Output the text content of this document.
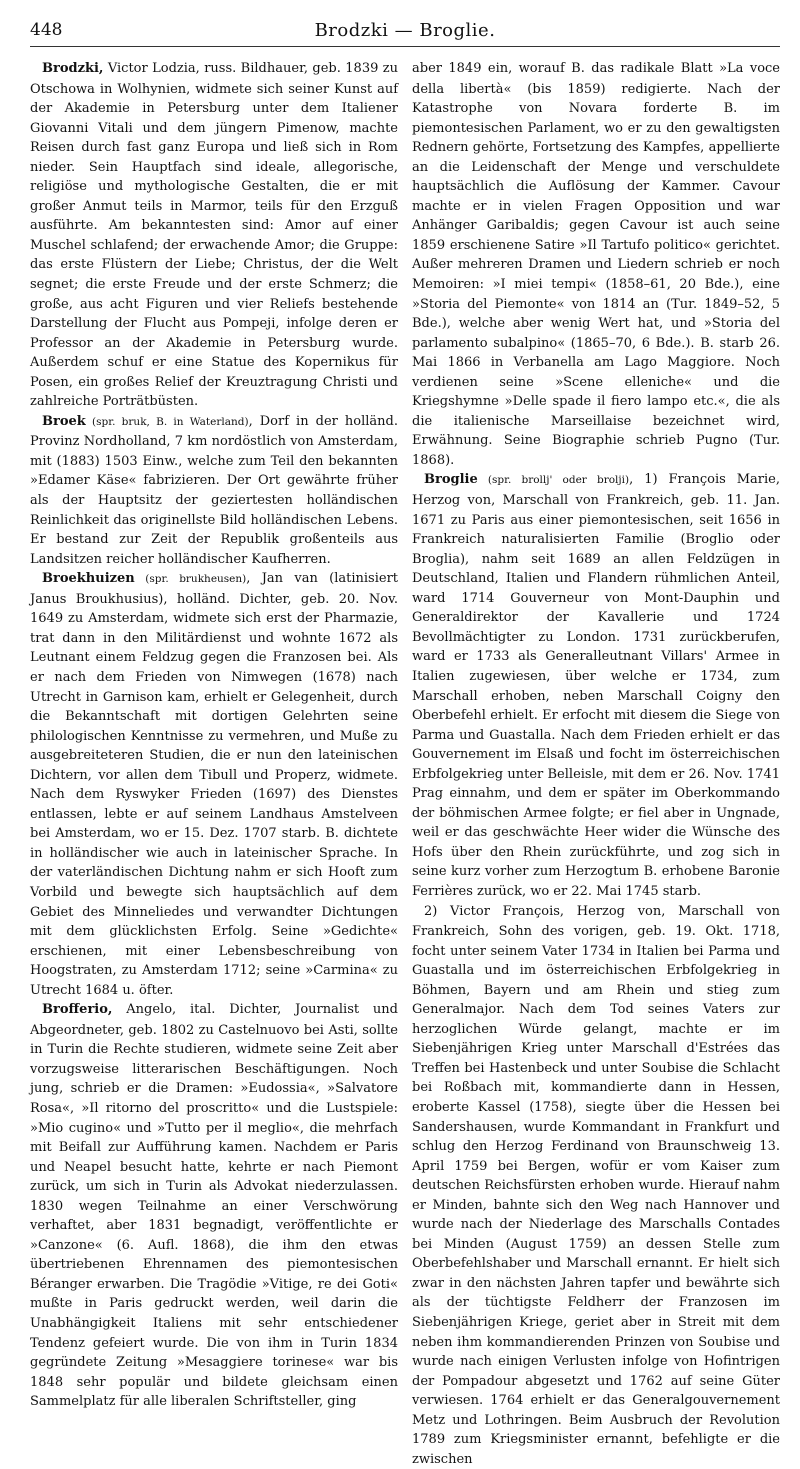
448	Brodzki — Broglie.

Brodzki, Victor Lodzia, russ. Bildhauer, geb. 1839 zu Otschowa in Wolhynien, widmete sich seiner Kunst auf der Akademie in Petersburg unter dem Italiener Giovanni Vitali und dem jüngern Pimenow, machte Reisen durch fast ganz Europa und ließ sich in Rom nieder. Sein Hauptfach sind ideale, allegorische, religiöse und mythologische Gestalten, die er mit großer Anmut teils in Marmor, teils für den Erzguß ausführte. Am bekanntesten sind: Amor auf einer Muschel schlafend; der erwachende Amor; die Gruppe: das erste Flüstern der Liebe; Christus, der die Welt segnet; die erste Freude und der erste Schmerz; die große, aus acht Figuren und vier Reliefs bestehende Darstellung der Flucht aus Pompeji, infolge deren er Professor an der Akademie in Petersburg wurde. Außerdem schuf er eine Statue des Kopernikus für Posen, ein großes Relief der Kreuztragung Christi und zahlreiche Porträtbüsten.

Broek (spr. bruk, B. in Waterland), Dorf in der holländ. Provinz Nordholland, 7 km nordöstlich von Amsterdam, mit (1883) 1503 Einw., welche zum Teil den bekannten »Edamer Käse« fabrizieren. Der Ort gewährte früher als der Hauptsitz der geziertesten holländischen Reinlichkeit das originellste Bild holländischen Lebens. Er bestand zur Zeit der Republik großenteils aus Landsitzen reicher holländischer Kaufherren.

Broekhuizen (spr. brukheusen), Jan van (latinisiert Janus Broukhusius), holländ. Dichter, geb. 20. Nov. 1649 zu Amsterdam, widmete sich erst der Pharmazie, trat dann in den Militärdienst und wohnte 1672 als Leutnant einem Feldzug gegen die Franzosen bei. Als er nach dem Frieden von Nimwegen (1678) nach Utrecht in Garnison kam, erhielt er Gelegenheit, durch die Bekanntschaft mit dortigen Gelehrten seine philologischen Kenntnisse zu vermehren, und Muße zu ausgebreiteteren Studien, die er nun den lateinischen Dichtern, vor allen dem Tibull und Properz, widmete. Nach dem Ryswyker Frieden (1697) des Dienstes entlassen, lebte er auf seinem Landhaus Amstelveen bei Amsterdam, wo er 15. Dez. 1707 starb. B. dichtete in holländischer wie auch in lateinischer Sprache. In der vaterländischen Dichtung nahm er sich Hooft zum Vorbild und bewegte sich hauptsächlich auf dem Gebiet des Minneliedes und verwandter Dichtungen mit dem glücklichsten Erfolg. Seine »Gedichte« erschienen, mit einer Lebensbeschreibung von Hoogstraten, zu Amsterdam 1712; seine »Carmina« zu Utrecht 1684 u. öfter.

Brofferio, Angelo, ital. Dichter, Journalist und Abgeordneter, geb. 1802 zu Castelnuovo bei Asti, sollte in Turin die Rechte studieren, widmete seine Zeit aber vorzugsweise litterarischen Beschäftigungen. Noch jung, schrieb er die Dramen: »Eudossia«, »Salvatore Rosa«, »Il ritorno del proscritto« und die Lustspiele: »Mio cugino« und »Tutto per il meglio«, die mehrfach mit Beifall zur Aufführung kamen. Nachdem er Paris und Neapel besucht hatte, kehrte er nach Piemont zurück, um sich in Turin als Advokat niederzulassen. 1830 wegen Teilnahme an einer Verschwörung verhaftet, aber 1831 begnadigt, veröffentlichte er »Canzone« (6. Aufl. 1868), die ihm den etwas übertriebenen Ehrennamen des piemontesischen Béranger erwarben. Die Tragödie »Vitige, re dei Goti« mußte in Paris gedruckt werden, weil darin die Unabhängigkeit Italiens mit sehr entschiedener Tendenz gefeiert wurde. Die von ihm in Turin 1834 gegründete Zeitung »Mesaggiere torinese« war bis 1848 sehr populär und bildete gleichsam einen Sammelplatz für alle liberalen Schriftsteller, ging

aber 1849 ein, worauf B. das radikale Blatt »La voce della libertà« (bis 1859) redigierte. Nach der Katastrophe von Novara forderte B. im piemontesischen Parlament, wo er zu den gewaltigsten Rednern gehörte, Fortsetzung des Kampfes, appellierte an die Leidenschaft der Menge und verschuldete hauptsächlich die Auflösung der Kammer. Cavour machte er in vielen Fragen Opposition und war Anhänger Garibaldis; gegen Cavour ist auch seine 1859 erschienene Satire »Il Tartufo politico« gerichtet. Außer mehreren Dramen und Liedern schrieb er noch Memoiren: »I miei tempi« (1858–61, 20 Bde.), eine »Storia del Piemonte« von 1814 an (Tur. 1849–52, 5 Bde.), welche aber wenig Wert hat, und »Storia del parlamento subalpino« (1865–70, 6 Bde.). B. starb 26. Mai 1866 in Verbanella am Lago Maggiore. Noch verdienen seine »Scene elleniche« und die Kriegshymne »Delle spade il fiero lampo etc.«, die als die italienische Marseillaise bezeichnet wird, Erwähnung. Seine Biographie schrieb Pugno (Tur. 1868).

Broglie (spr. brollj' oder brolji), 1) François Marie, Herzog von, Marschall von Frankreich, geb. 11. Jan. 1671 zu Paris aus einer piemontesischen, seit 1656 in Frankreich naturalisierten Familie (Broglio oder Broglia), nahm seit 1689 an allen Feldzügen in Deutschland, Italien und Flandern rühmlichen Anteil, ward 1714 Gouverneur von Mont-Dauphin und Generaldirektor der Kavallerie und 1724 Bevollmächtigter zu London. 1731 zurückberufen, ward er 1733 als Generalleutnant Villars' Armee in Italien zugewiesen, über welche er 1734, zum Marschall erhoben, neben Marschall Coigny den Oberbefehl erhielt. Er erfocht mit diesem die Siege von Parma und Guastalla. Nach dem Frieden erhielt er das Gouvernement im Elsaß und focht im österreichischen Erbfolgekrieg unter Belleisle, mit dem er 26. Nov. 1741 Prag einnahm, und dem er später im Oberkommando der böhmischen Armee folgte; er fiel aber in Ungnade, weil er das geschwächte Heer wider die Wünsche des Hofs über den Rhein zurückführte, und zog sich in seine kurz vorher zum Herzogtum B. erhobene Baronie Ferrières zurück, wo er 22. Mai 1745 starb.

2) Victor François, Herzog von, Marschall von Frankreich, Sohn des vorigen, geb. 19. Okt. 1718, focht unter seinem Vater 1734 in Italien bei Parma und Guastalla und im österreichischen Erbfolgekrieg in Böhmen, Bayern und am Rhein und stieg zum Generalmajor. Nach dem Tod seines Vaters zur herzoglichen Würde gelangt, machte er im Siebenjährigen Krieg unter Marschall d'Estrées das Treffen bei Hastenbeck und unter Soubise die Schlacht bei Roßbach mit, kommandierte dann in Hessen, eroberte Kassel (1758), siegte über die Hessen bei Sandershausen, wurde Kommandant in Frankfurt und schlug den Herzog Ferdinand von Braunschweig 13. April 1759 bei Bergen, wofür er vom Kaiser zum deutschen Reichsfürsten erhoben wurde. Hierauf nahm er Minden, bahnte sich den Weg nach Hannover und wurde nach der Niederlage des Marschalls Contades bei Minden (August 1759) an dessen Stelle zum Oberbefehlshaber und Marschall ernannt. Er hielt sich zwar in den nächsten Jahren tapfer und bewährte sich als der tüchtigste Feldherr der Franzosen im Siebenjährigen Kriege, geriet aber in Streit mit dem neben ihm kommandierenden Prinzen von Soubise und wurde nach einigen Verlusten infolge von Hofintrigen der Pompadour abgesetzt und 1762 auf seine Güter verwiesen. 1764 erhielt er das Generalgouvernement Metz und Lothringen. Beim Ausbruch der Revolution 1789 zum Kriegsminister ernannt, befehligte er die zwischen
